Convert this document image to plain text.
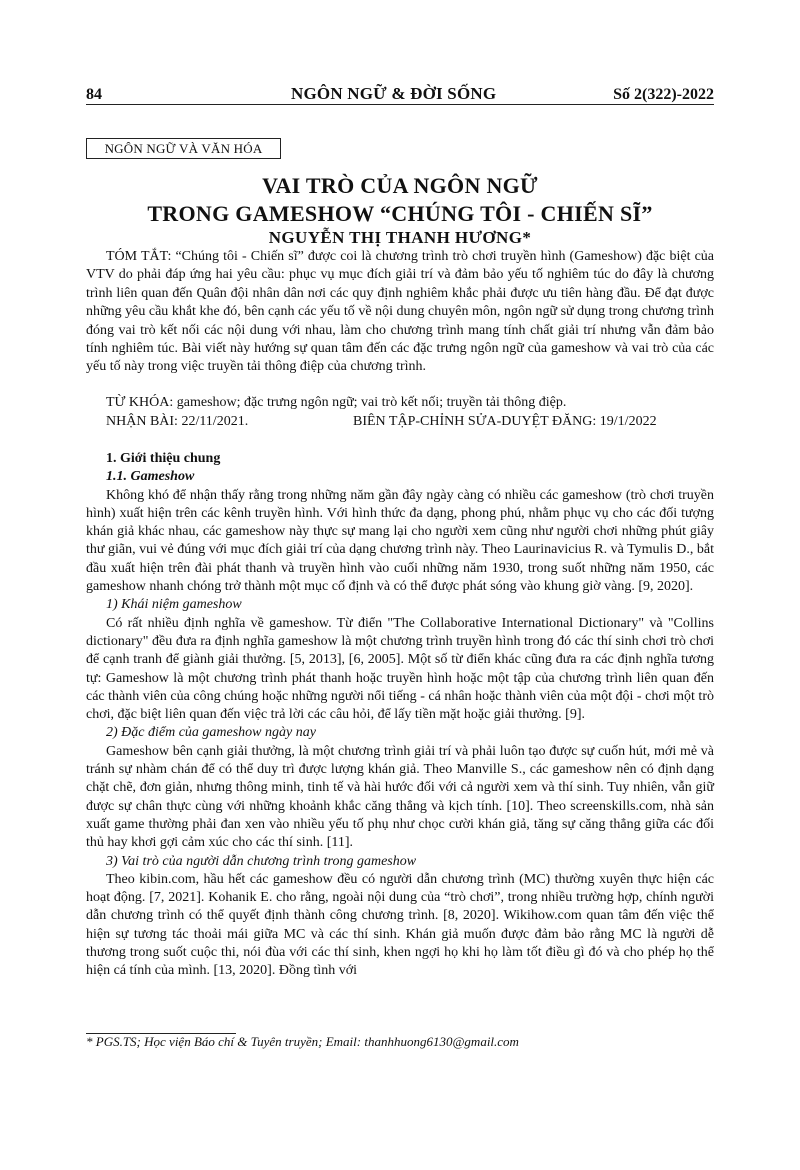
84	NGÔN NGỮ & ĐỜI SỐNG	Số 2(322)-2022
NGÔN NGỮ VÀ VĂN HÓA
VAI TRÒ CỦA NGÔN NGỮ
TRONG GAMESHOW “CHÚNG TÔI - CHIẾN SĨ”
NGUYỄN THỊ THANH HƯƠNG*
TÓM TẮT: “Chúng tôi - Chiến sĩ” được coi là chương trình trò chơi truyền hình (Gameshow) đặc biệt của VTV do phải đáp ứng hai yêu cầu: phục vụ mục đích giải trí và đảm bảo yếu tố nghiêm túc do đây là chương trình liên quan đến Quân đội nhân dân nơi các quy định nghiêm khắc phải được ưu tiên hàng đầu. Để đạt được những yêu cầu khắt khe đó, bên cạnh các yếu tố về nội dung chuyên môn, ngôn ngữ sử dụng trong chương trình đóng vai trò kết nối các nội dung với nhau, làm cho chương trình mang tính chất giải trí nhưng vẫn đảm bảo tính nghiêm túc. Bài viết này hướng sự quan tâm đến các đặc trưng ngôn ngữ của gameshow và vai trò của các yếu tố này trong việc truyền tải thông điệp của chương trình.
TỪ KHÓA: gameshow; đặc trưng ngôn ngữ; vai trò kết nối; truyền tải thông điệp.
NHẬN BÀI: 22/11/2021.	BIÊN TẬP-CHỈNH SỬA-DUYỆT ĐĂNG: 19/1/2022

1. Giới thiệu chung

1.1. Gameshow

Không khó để nhận thấy rằng trong những năm gần đây ngày càng có nhiều các gameshow (trò chơi truyền hình) xuất hiện trên các kênh truyền hình. Với hình thức đa dạng, phong phú, nhằm phục vụ cho các đối tượng khán giả khác nhau, các gameshow này thực sự mang lại cho người xem cũng như người chơi những phút giây thư giãn, vui vẻ đúng với mục đích giải trí của dạng chương trình này. Theo Laurinavicius R. và Tymulis D., bắt đầu xuất hiện trên đài phát thanh và truyền hình vào cuối những năm 1930, trong suốt những năm 1950, các gameshow nhanh chóng trở thành một mục cố định và có thể được phát sóng vào khung giờ vàng. [9, 2020].

1) Khái niệm gameshow

Có rất nhiều định nghĩa về gameshow. Từ điển "The Collaborative International Dictionary" và "Collins dictionary" đều đưa ra định nghĩa gameshow là một chương trình truyền hình trong đó các thí sinh chơi trò chơi để cạnh tranh để giành giải thưởng. [5, 2013], [6, 2005]. Một số từ điển khác cũng đưa ra các định nghĩa tương tự: Gameshow là một chương trình phát thanh hoặc truyền hình hoặc một tập của chương trình liên quan đến các thành viên của công chúng hoặc những người nổi tiếng - cá nhân hoặc thành viên của một đội - chơi một trò chơi, đặc biệt liên quan đến việc trả lời các câu hỏi, để lấy tiền mặt hoặc giải thưởng. [9].

2) Đặc điểm của gameshow ngày nay

Gameshow bên cạnh giải thưởng, là một chương trình giải trí và phải luôn tạo được sự cuốn hút, mới mẻ và tránh sự nhàm chán để có thể duy trì được lượng khán giả. Theo Manville S., các gameshow nên có định dạng chặt chẽ, đơn giản, nhưng thông minh, tinh tế và hài hước đối với cả người xem và thí sinh. Tuy nhiên, vẫn giữ được sự chân thực cùng với những khoảnh khắc căng thẳng và kịch tính. [10]. Theo screenskills.com, nhà sản xuất game thường phải đan xen vào nhiều yếu tố phụ như chọc cười khán giả, tăng sự căng thẳng giữa các đối thủ hay khơi gợi cảm xúc cho các thí sinh. [11].

3) Vai trò của người dẫn chương trình trong gameshow

Theo kibin.com, hầu hết các gameshow đều có người dẫn chương trình (MC) thường xuyên thực hiện các hoạt động. [7, 2021]. Kohanik E. cho rằng, ngoài nội dung của “trò chơi”, trong nhiều trường hợp, chính người dẫn chương trình có thể quyết định thành công chương trình. [8, 2020]. Wikihow.com quan tâm đến việc thể hiện sự tương tác thoải mái giữa MC và các thí sinh. Khán giả muốn được đảm bảo rằng MC là người dễ thương trong suốt cuộc thi, nói đùa với các thí sinh, khen ngợi họ khi họ làm tốt điều gì đó và cho phép họ thể hiện cá tính của mình. [13, 2020]. Đồng tình với

* PGS.TS; Học viện Báo chí & Tuyên truyền; Email: thanhhuong6130@gmail.com
